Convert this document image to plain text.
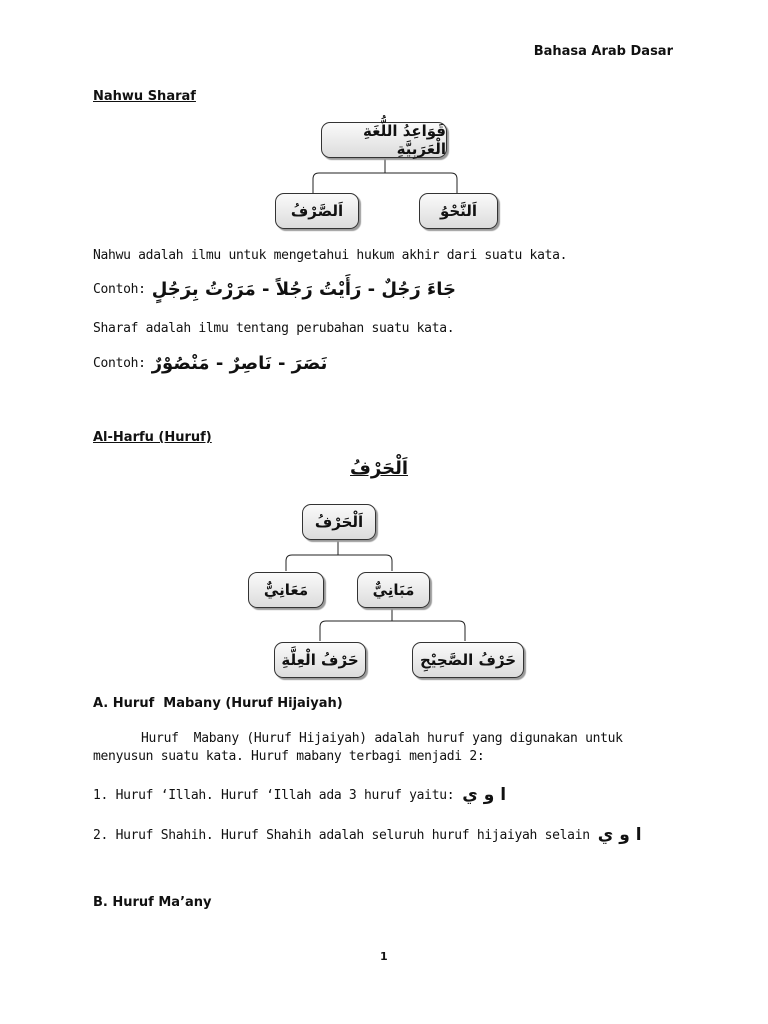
Bahasa Arab Dasar
Nahwu Sharaf
قَوَاعِدُ اللُّغَةِ الْعَرَبِيَّةِ
اَلصَّرْفُ	اَلنَّحْوُ
Nahwu adalah ilmu untuk mengetahui hukum akhir dari suatu kata.
Contoh: جَاءَ رَجُلٌ - رَأَيْتُ رَجُلاً - مَرَرْتُ بِرَجُلٍ
Sharaf adalah ilmu tentang perubahan suatu kata.
Contoh: نَصَرَ - نَاصِرٌ - مَنْصُوْرٌ
Al-Harfu (Huruf)
اَلْحَرْفُ
اَلْحَرْفُ
مَعَانِيٌّ	مَبَانِيٌّ
حَرْفُ الْعِلَّةِ	حَرْفُ الصَّحِيْحِ
A. Huruf  Mabany (Huruf Hijaiyah)
Huruf  Mabany (Huruf Hijaiyah) adalah huruf yang digunakan untuk
menyusun suatu kata. Huruf mabany terbagi menjadi 2:
1. Huruf ‘Illah. Huruf ‘Illah ada 3 huruf yaitu: ا و ي
2. Huruf Shahih. Huruf Shahih adalah seluruh huruf hijaiyah selain ا و ي
B. Huruf Ma’any
1
